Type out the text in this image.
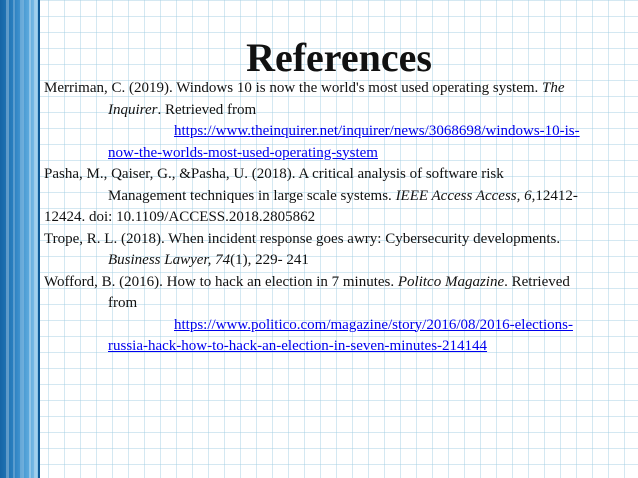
References
Merriman, C. (2019). Windows 10 is now the world's most used operating system. The
Inquirer. Retrieved from
https://www.theinquirer.net/inquirer/news/3068698/windows-10-is-
now-the-worlds-most-used-operating-system
Pasha, M., Qaiser, G., &Pasha, U. (2018). A critical analysis of software risk
Management techniques in large scale systems. IEEE Access Access, 6,12412-
12424. doi: 10.1109/ACCESS.2018.2805862
Trope, R. L. (2018). When incident response goes awry: Cybersecurity developments.
Business Lawyer, 74(1), 229- 241
Wofford, B. (2016). How to hack an election in 7 minutes. Politco Magazine. Retrieved
from
https://www.politico.com/magazine/story/2016/08/2016-elections-
russia-hack-how-to-hack-an-election-in-seven-minutes-214144
